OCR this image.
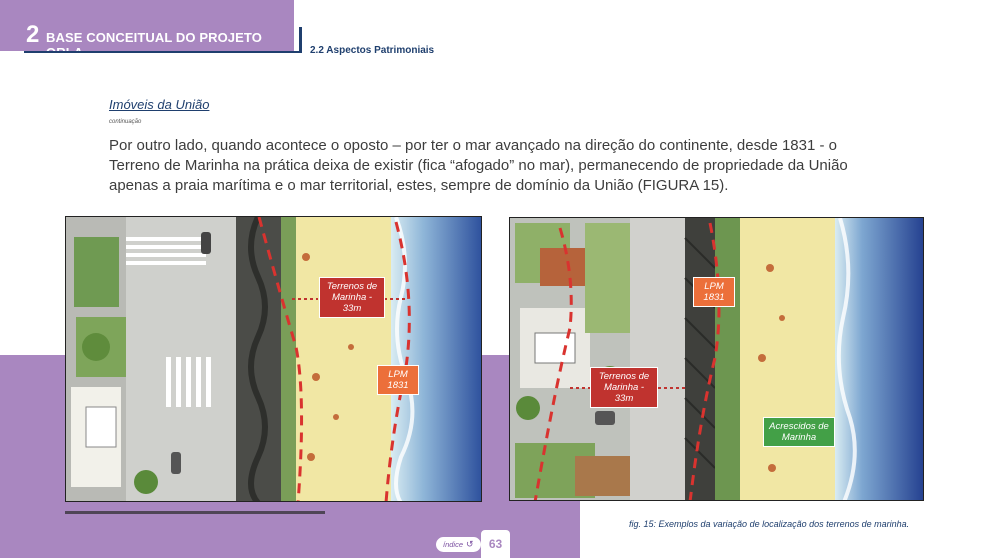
2 BASE CONCEITUAL DO PROJETO
2.2 Aspectos Patrimoniais
Imóveis da União
continuação

Por outro lado, quando acontece o oposto – por ter o mar avançado na direção do continente, desde 1831 - o Terreno de Marinha na prática deixa de existir (fica “afogado” no mar), permanecendo de propriedade da União apenas a praia marítima e o mar territorial, estes, sempre de domínio da União (FIGURA 15).

Terrenos de Marinha - 33m
LPM 1831
LPM 1831
Terrenos de Marinha - 33m
Acrescidos de Marinha
fig. 15: Exemplos da variação de localização dos terrenos de marinha.
índice ↺	63
